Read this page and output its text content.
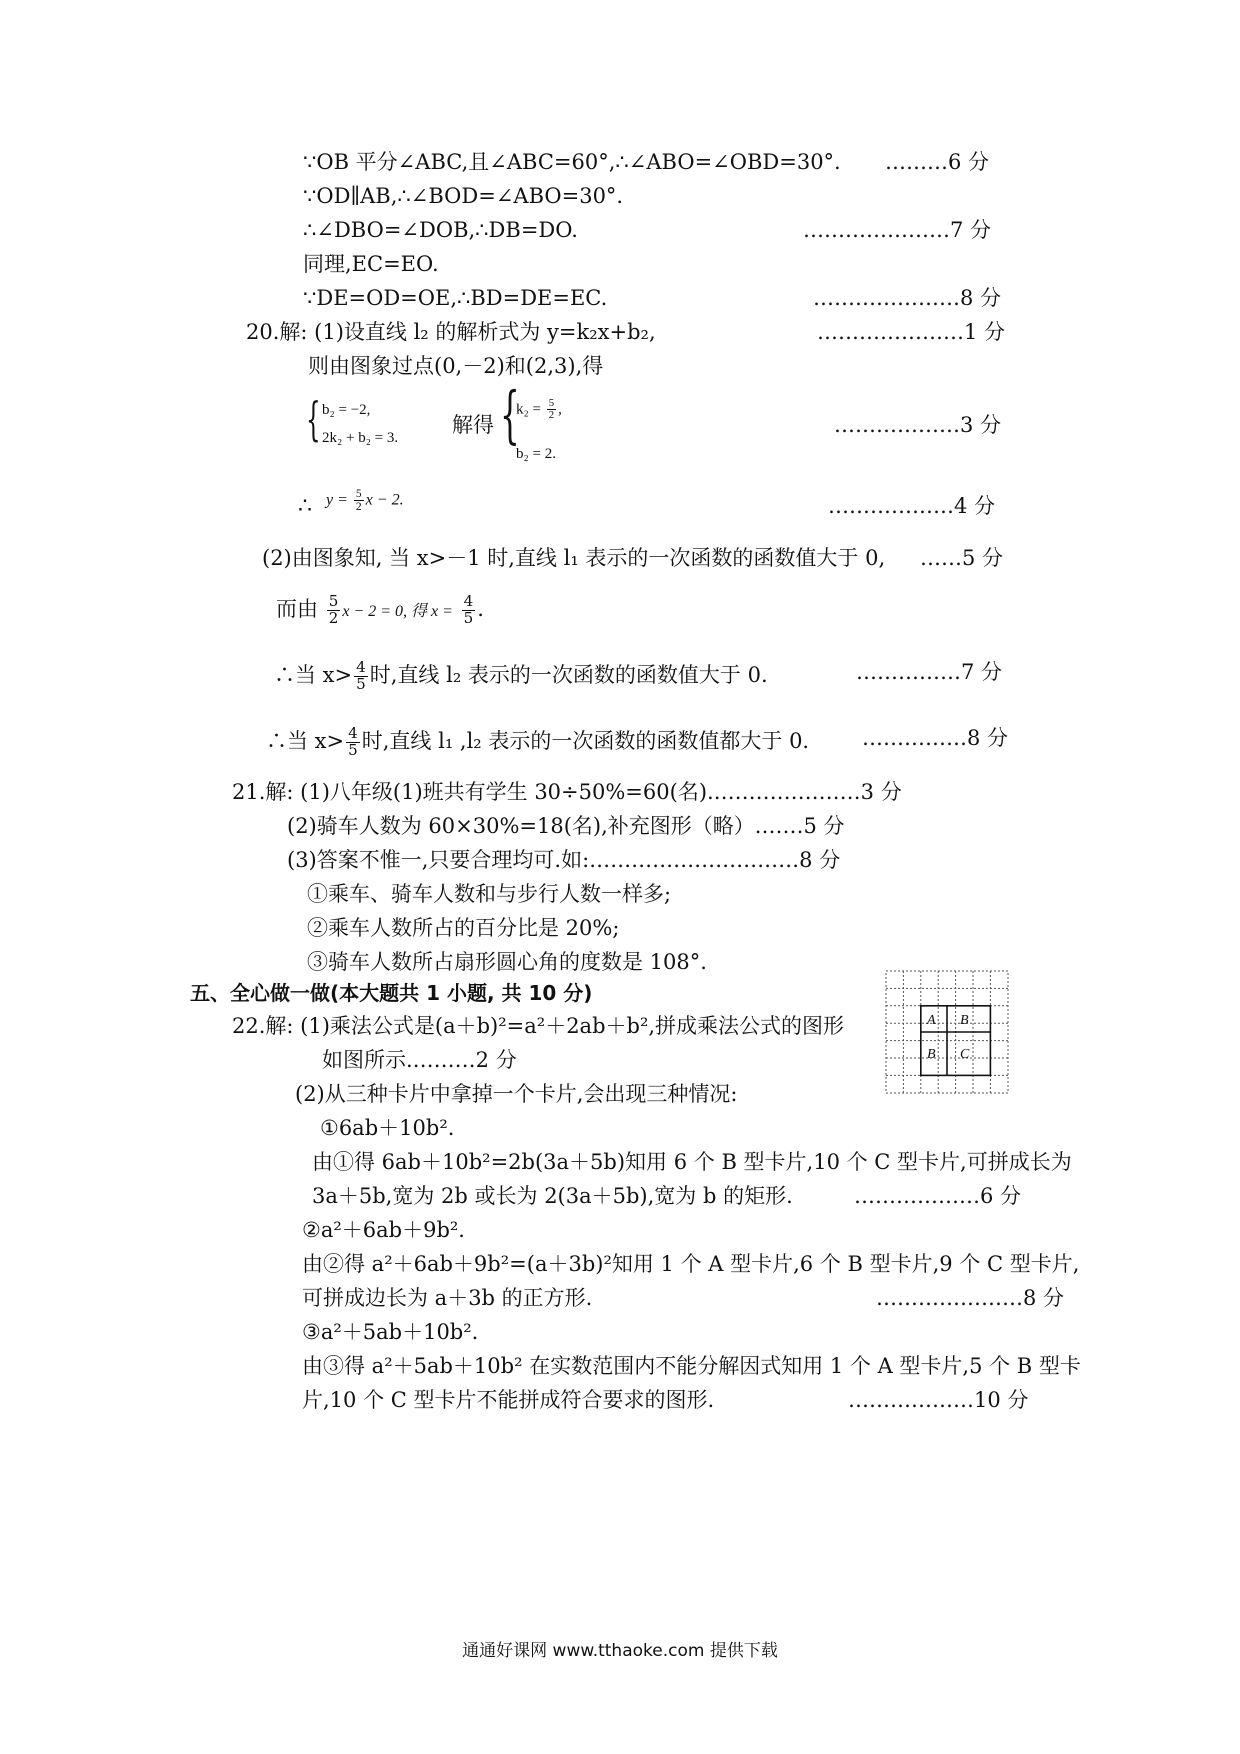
∵OB 平分∠ABC,且∠ABC=60°,∴∠ABO=∠OBD=30°. ………6 分
∵OD∥AB,∴∠BOD=∠ABO=30°.
∴∠DBO=∠DOB,∴DB=DO.	…………………7 分
同理,EC=EO.
∵DE=OD=OE,∴BD=DE=EC.	…………………8 分
20.解: (1)设直线 l₂ 的解析式为 y=k₂x+b₂,	…………………1 分
则由图象过点(0,－2)和(2,3),得
{ b₂ = −2,
2k₂ + b₂ = 3.
解得 {
$k_2 = \frac{5}{2}$ ,
b₂ = 2.
………………3 分
∴ $y = \frac{5}{2}$ x − 2.	………………4 分
(2)由图象知, 当 x>－1 时,直线 l₁ 表示的一次函数的函数值大于 0, ……5 分
而由 $\frac{5}{2}$ x − 2 = 0, 得 $x = \frac{4}{5}$ .
∴当 $x> \frac{4}{5}$ 时,直线 l₂ 表示的一次函数的函数值大于 0.	……………7 分
∴当 $x> \frac{4}{5}$ 时,直线 l₁ ,l₂ 表示的一次函数的函数值都大于 0.	……………8 分
21.解: (1)八年级(1)班共有学生 30÷50%=60(名).…………………3 分
(2)骑车人数为 60×30%=18(名),补充图形（略）.……5 分
(3)答案不惟一,只要合理均可.如:…………………………8 分
①乘车、骑车人数和与步行人数一样多;
②乘车人数所占的百分比是 20%;
③骑车人数所占扇形圆心角的度数是 108°.
五、全心做一做(本大题共 1 小题, 共 10 分)
22.解: (1)乘法公式是(a＋b)²=a²＋2ab＋b²,拼成乘法公式的图形
如图所示.………2 分
(2)从三种卡片中拿掉一个卡片,会出现三种情况:
①6ab＋10b².
由①得 6ab＋10b²=2b(3a＋5b)知用 6 个 B 型卡片,10 个 C 型卡片,可拼成长为
3a＋5b,宽为 2b 或长为 2(3a＋5b),宽为 b 的矩形.	………………6 分
②a²＋6ab＋9b².
由②得 a²＋6ab＋9b²=(a＋3b)²知用 1 个 A 型卡片,6 个 B 型卡片,9 个 C 型卡片,
可拼成边长为 a＋3b 的正方形.	…………………8 分
③a²＋5ab＋10b².
由③得 a²＋5ab＋10b² 在实数范围内不能分解因式知用 1 个 A 型卡片,5 个 B 型卡
片,10 个 C 型卡片不能拼成符合要求的图形.	………………10 分
A B
B C
通通好课网 www.tthaoke.com 提供下载
